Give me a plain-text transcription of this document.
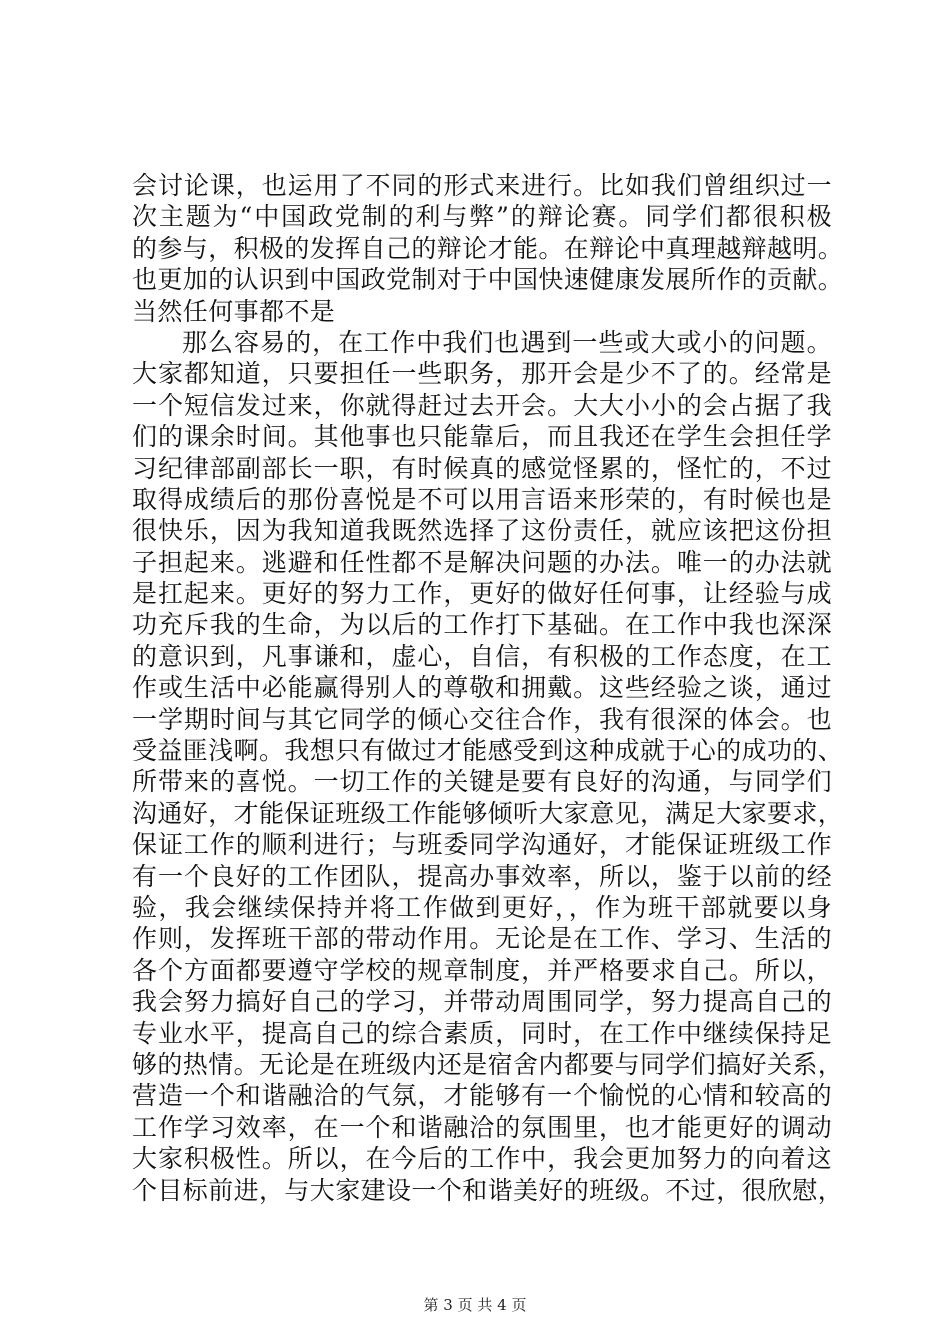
会讨论课，也运用了不同的形式来进行。比如我们曾组织过一
次主题为“中国政党制的利与弊”的辩论赛。同学们都很积极
的参与，积极的发挥自己的辩论才能。在辩论中真理越辩越明。
也更加的认识到中国政党制对于中国快速健康发展所作的贡献。
当然任何事都不是
那么容易的，在工作中我们也遇到一些或大或小的问题。
大家都知道，只要担任一些职务，那开会是少不了的。经常是
一个短信发过来，你就得赶过去开会。大大小小的会占据了我
们的课余时间。其他事也只能靠后，而且我还在学生会担任学
习纪律部副部长一职，有时候真的感觉怪累的，怪忙的，不过
取得成绩后的那份喜悦是不可以用言语来形荣的，有时候也是
很快乐，因为我知道我既然选择了这份责任，就应该把这份担
子担起来。逃避和任性都不是解决问题的办法。唯一的办法就
是扛起来。更好的努力工作，更好的做好任何事，让经验与成
功充斥我的生命，为以后的工作打下基础。在工作中我也深深
的意识到，凡事谦和，虚心，自信，有积极的工作态度，在工
作或生活中必能赢得别人的尊敬和拥戴。这些经验之谈，通过
一学期时间与其它同学的倾心交往合作，我有很深的体会。也
受益匪浅啊。我想只有做过才能感受到这种成就于心的成功的、
所带来的喜悦。一切工作的关键是要有良好的沟通，与同学们
沟通好，才能保证班级工作能够倾听大家意见，满足大家要求，
保证工作的顺利进行；与班委同学沟通好，才能保证班级工作
有一个良好的工作团队，提高办事效率，所以，鉴于以前的经
验，我会继续保持并将工作做到更好，，作为班干部就要以身
作则，发挥班干部的带动作用。无论是在工作、学习、生活的
各个方面都要遵守学校的规章制度，并严格要求自己。所以，
我会努力搞好自己的学习，并带动周围同学，努力提高自己的
专业水平，提高自己的综合素质，同时，在工作中继续保持足
够的热情。无论是在班级内还是宿舍内都要与同学们搞好关系，
营造一个和谐融洽的气氛，才能够有一个愉悦的心情和较高的
工作学习效率，在一个和谐融洽的氛围里，也才能更好的调动
大家积极性。所以，在今后的工作中，我会更加努力的向着这
个目标前进，与大家建设一个和谐美好的班级。不过，很欣慰，
第 3 页 共 4 页
